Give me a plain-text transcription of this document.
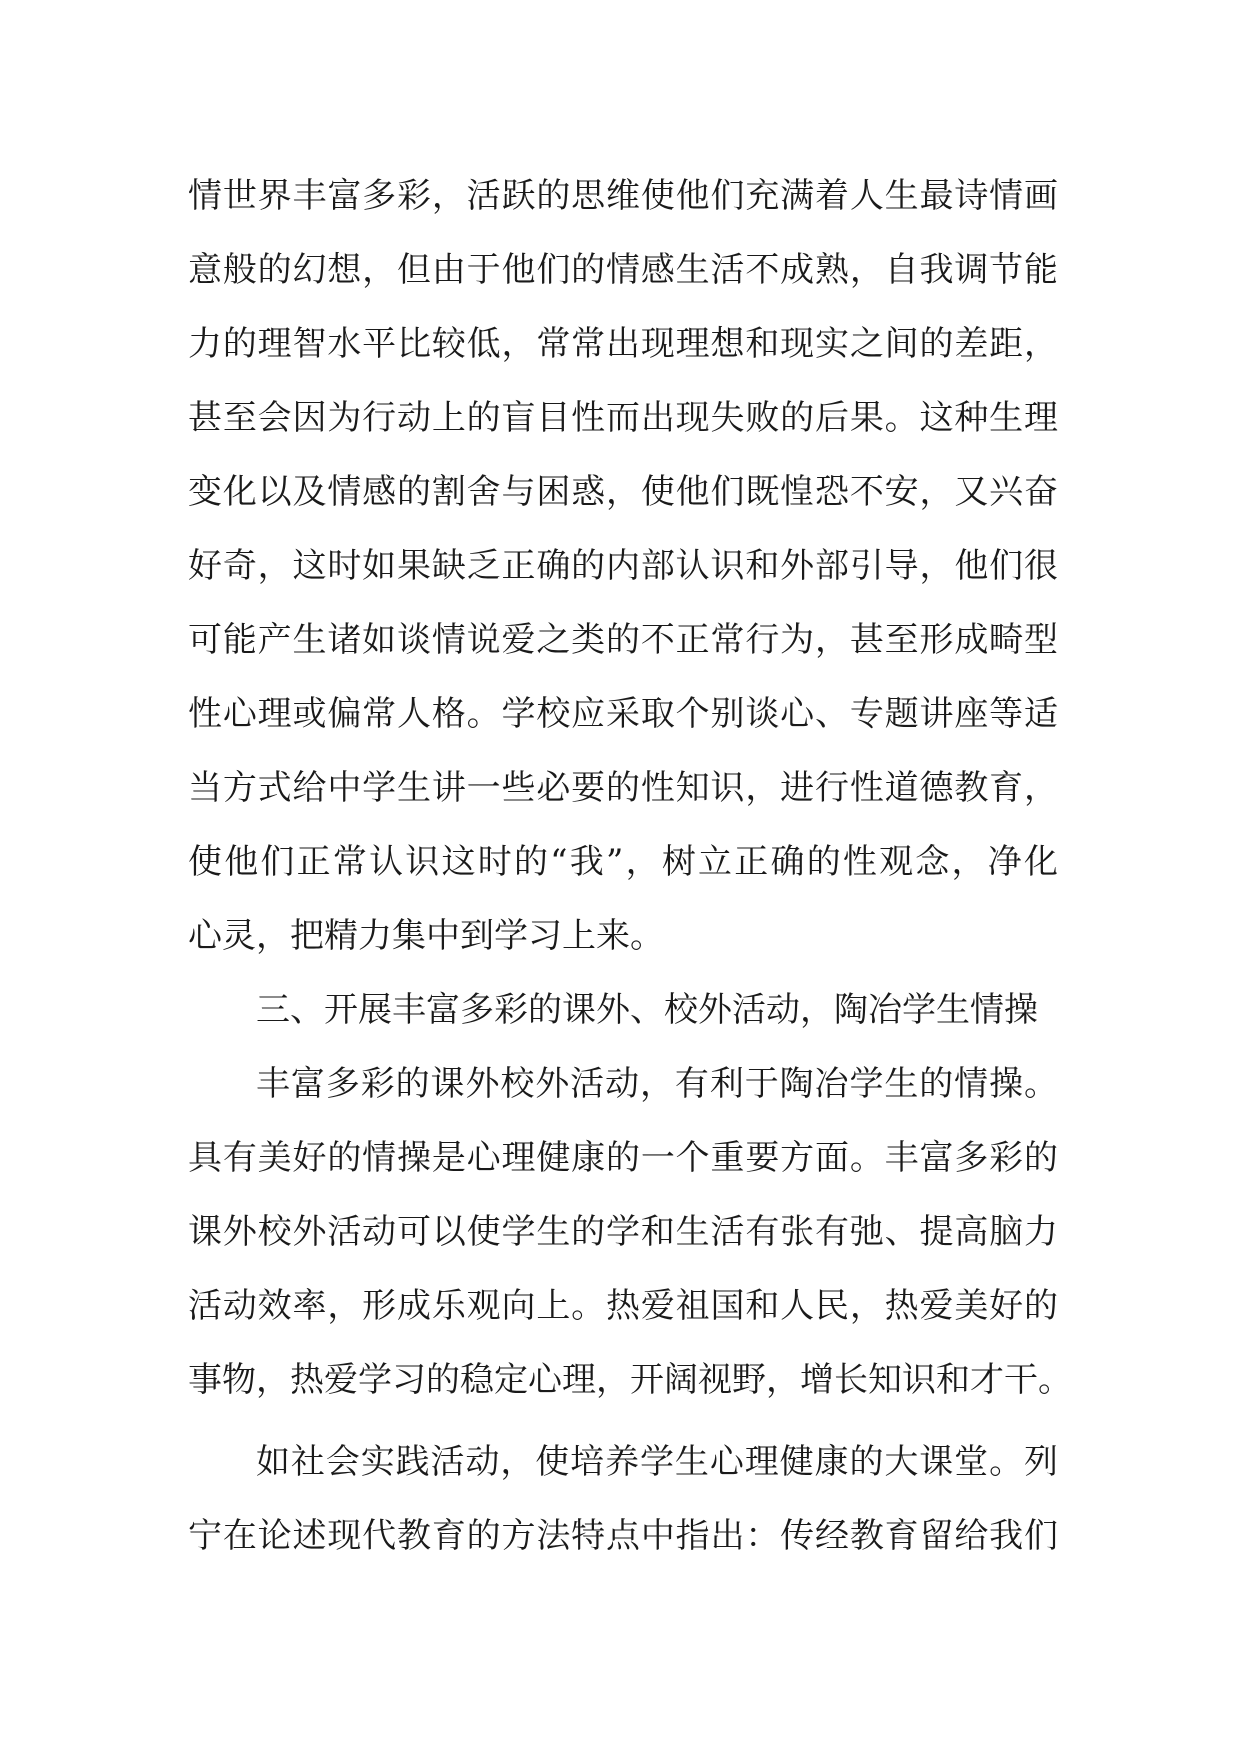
情世界丰富多彩，活跃的思维使他们充满着人生最诗情画
意般的幻想，但由于他们的情感生活不成熟，自我调节能
力的理智水平比较低，常常出现理想和现实之间的差距，
甚至会因为行动上的盲目性而出现失败的后果。这种生理
变化以及情感的割舍与困惑，使他们既惶恐不安，又兴奋
好奇，这时如果缺乏正确的内部认识和外部引导，他们很
可能产生诸如谈情说爱之类的不正常行为，甚至形成畸型
性心理或偏常人格。学校应采取个别谈心、专题讲座等适
当方式给中学生讲一些必要的性知识，进行性道德教育，
使他们正常认识这时的“我”，树立正确的性观念，净化
心灵，把精力集中到学习上来。
三、开展丰富多彩的课外、校外活动，陶冶学生情操
丰富多彩的课外校外活动，有利于陶冶学生的情操。
具有美好的情操是心理健康的一个重要方面。丰富多彩的
课外校外活动可以使学生的学和生活有张有弛、提高脑力
活动效率，形成乐观向上。热爱祖国和人民，热爱美好的
事物，热爱学习的稳定心理，开阔视野，增长知识和才干。
如社会实践活动，使培养学生心理健康的大课堂。列
宁在论述现代教育的方法特点中指出：传经教育留给我们
